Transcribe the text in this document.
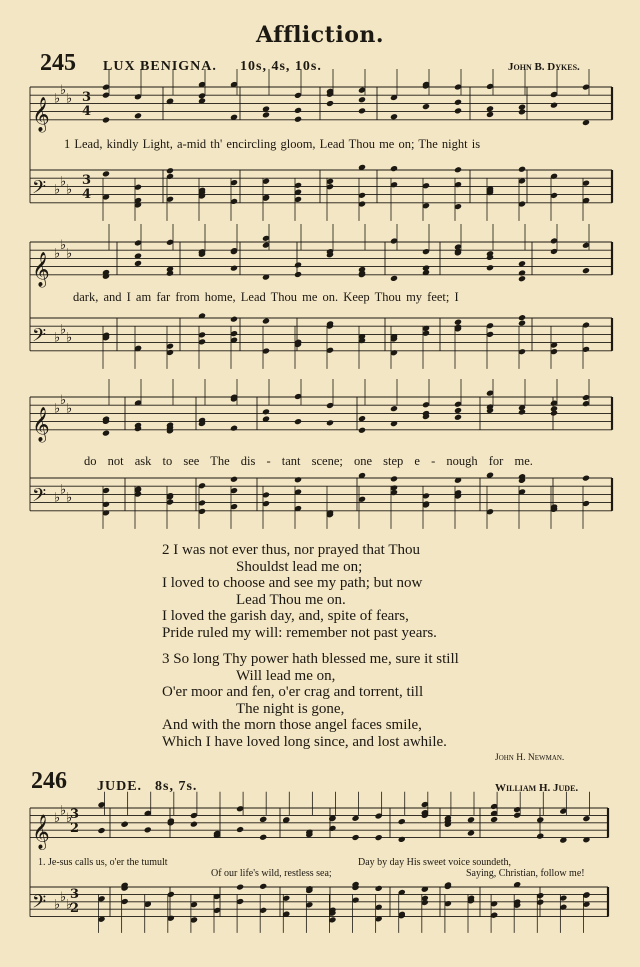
Affliction.
245 LUX BENIGNA. 10s, 4s, 10s.	John B. Dykes.
𝄞
𝄢
♭
♭
♭
♭
♭
♭
𝄞
𝄢
♭
♭
♭
♭
♭
♭
𝄞
𝄢
♭
♭
♭
♭
♭
♭
3
4
3
4
1 Lead, kindly Light, a-mid th' encircling gloom, Lead Thou me on; The night is
dark, and I am far from home, Lead Thou me on. Keep Thou my feet; I
do not ask to see The dis - tant scene; one step e - nough for me.
2 I was not ever thus, nor prayed that Thou
Shouldst lead me on;
I loved to choose and see my path; but now
Lead Thou me on.
I loved the garish day, and, spite of fears,
Pride ruled my will: remember not past years.
3 So long Thy power hath blessed me, sure it still
Will lead me on,
O'er moor and fen, o'er crag and torrent, till
The night is gone,
And with the morn those angel faces smile,
Which I have loved long since, and lost awhile.
John H. Newman.
246 JUDE. 8s, 7s.	William H. Jude.
𝄞
𝄢
♭
♭
♭
♭
♭
♭
3
2
3
2
1. Je-sus calls us, o'er the tumult
Of our life's wild, restless sea;
Day by day His sweet voice soundeth,
Saying, Christian, follow me!
